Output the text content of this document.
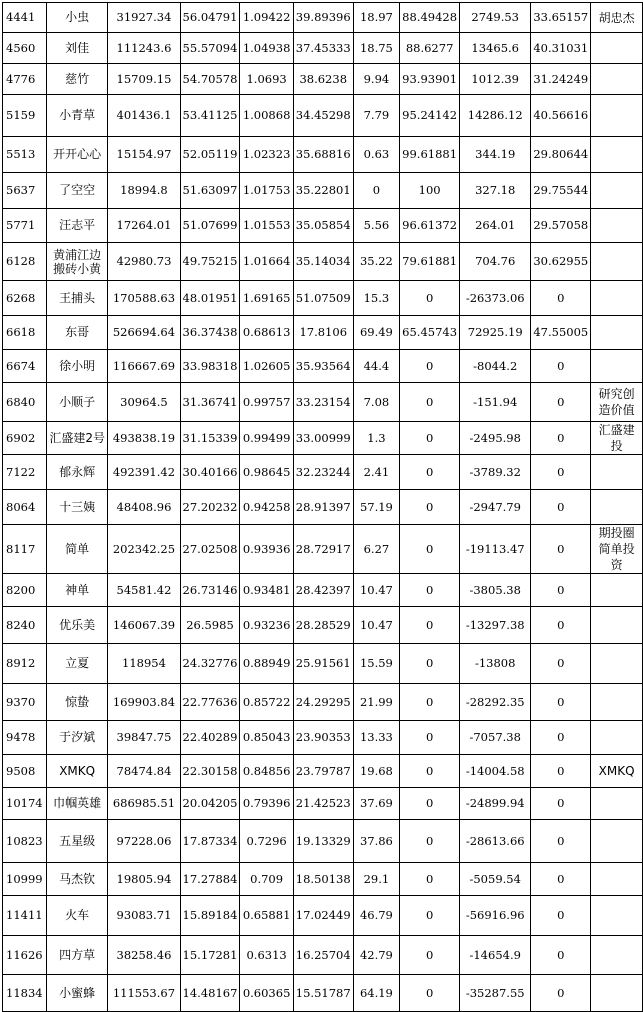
4441	小虫	31927.34	56.04791	1.09422	39.89396	18.97	88.49428	2749.53	33.65157	胡忠杰
4560	刘佳	111243.6	55.57094	1.04938	37.45333	18.75	88.6277	13465.6	40.31031	
4776	慈竹	15709.15	54.70578	1.0693	38.6238	9.94	93.93901	1012.39	31.24249	
5159	小青草	401436.1	53.41125	1.00868	34.45298	7.79	95.24142	14286.12	40.56616	
5513	开开心心	15154.97	52.05119	1.02323	35.68816	0.63	99.61881	344.19	29.80644	
5637	了空空	18994.8	51.63097	1.01753	35.22801	0	100	327.18	29.75544	
5771	汪志平	17264.01	51.07699	1.01553	35.05854	5.56	96.61372	264.01	29.57058	
6128	黄浦江边搬砖小黄	42980.73	49.75215	1.01664	35.14034	35.22	79.61881	704.76	30.62955	
6268	王捕头	170588.63	48.01951	1.69165	51.07509	15.3	0	-26373.06	0	
6618	东哥	526694.64	36.37438	0.68613	17.8106	69.49	65.45743	72925.19	47.55005	
6674	徐小明	116667.69	33.98318	1.02605	35.93564	44.4	0	-8044.2	0	
6840	小顺子	30964.5	31.36741	0.99757	33.23154	7.08	0	-151.94	0	研究创造价值
6902	汇盛建2号	493838.19	31.15339	0.99499	33.00999	1.3	0	-2495.98	0	汇盛建投
7122	郁永辉	492391.42	30.40166	0.98645	32.23244	2.41	0	-3789.32	0	
8064	十三姨	48408.96	27.20232	0.94258	28.91397	57.19	0	-2947.79	0	
8117	简单	202342.25	27.02508	0.93936	28.72917	6.27	0	-19113.47	0	期投圈简单投资
8200	神单	54581.42	26.73146	0.93481	28.42397	10.47	0	-3805.38	0	
8240	优乐美	146067.39	26.5985	0.93236	28.28529	10.47	0	-13297.38	0	
8912	立夏	118954	24.32776	0.88949	25.91561	15.59	0	-13808	0	
9370	惊蛰	169903.84	22.77636	0.85722	24.29295	21.99	0	-28292.35	0	
9478	于汐斌	39847.75	22.40289	0.85043	23.90353	13.33	0	-7057.38	0	
9508	XMKQ	78474.84	22.30158	0.84856	23.79787	19.68	0	-14004.58	0	XMKQ
10174	巾帼英雄	686985.51	20.04205	0.79396	21.42523	37.69	0	-24899.94	0	
10823	五星级	97228.06	17.87334	0.7296	19.13329	37.86	0	-28613.66	0	
10999	马杰钦	19805.94	17.27884	0.709	18.50138	29.1	0	-5059.54	0	
11411	火车	93083.71	15.89184	0.65881	17.02449	46.79	0	-56916.96	0	
11626	四方草	38258.46	15.17281	0.6313	16.25704	42.79	0	-14654.9	0	
11834	小蜜蜂	111553.67	14.48167	0.60365	15.51787	64.19	0	-35287.55	0	
